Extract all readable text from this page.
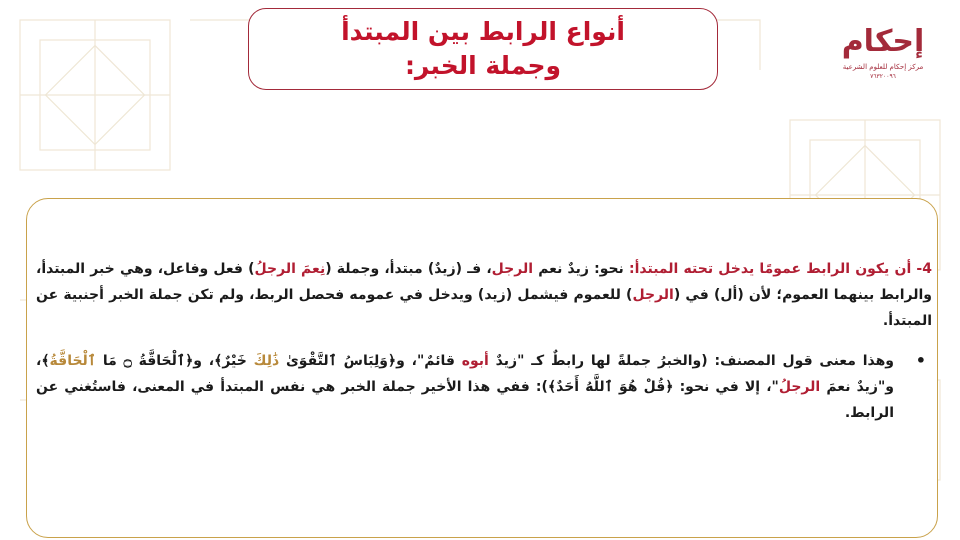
أنواع الرابط بين المبتدأ
وجملة الخبر:
إحكام
مركز إحكام للعلوم الشرعية
٧٦٣٢٠٠٩٦

4- أن يكون الرابط عمومًا يدخل تحته المبتدأ: نحو: زيدٌ نعم الرجل، فـ (زيدٌ) مبتدأ، وجملة (نِعمَ الرجلُ) فعل وفاعل، وهي خبر المبتدأ، والرابط بينهما العموم؛ لأن (أل) في (الرجل) للعموم فيشمل (زيد) ويدخل في عمومه فحصل الربط، ولم تكن جملة الخبر أجنبية عن المبتدأ.

•
وهذا معنى قول المصنف: (والخبرُ جملةً لها رابطٌ كـ "زيدٌ أبوه قائمٌ"، و﴿وَلِبَاسُ ٱلتَّقْوَىٰ ذَٰلِكَ خَيْرٌ﴾، و﴿ٱلْحَاقَّةُ ۝ مَا ٱلْحَاقَّةُ﴾، و"زيدٌ نعمَ الرجلُ"، إلا في نحو: ﴿قُلْ هُوَ ٱللَّهُ أَحَدٌ﴾): ففي هذا الأخير جملة الخبر هي نفس المبتدأ في المعنى، فاستُغني عن الرابط.
